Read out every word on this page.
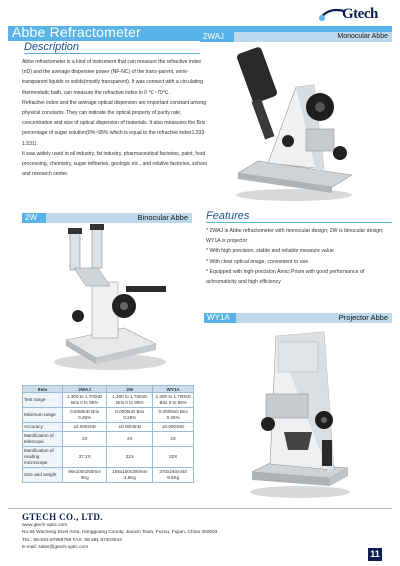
Gtech
Abbe Refractometer
Description

Abbe refractometer is a kind of instrument that can measure the refractive index (nD) and the average dispersive power (NF-NC) of the trans-parent, semi-transparent liquids or solids(mostly transparent). It was connect with a circulating thermostatic bath, can measure the refractive index in 0 ℃~70℃.

Refractive index and the average optical dispersion are important constant among physical constants. They can indicate the optical property of purity rate, concentration and size of optical dispersion of materials. It also measures the Brix percentage of sugar solution(0%~95% which is equal to the refractive index1.333-1.531).

It was widely used in oil industry, fat industry, pharmaceutical factories, paint, food processing, chemistry, sugar refineries, geologic etc., and relative factories, school and research center.

2WAJ	Monocular Abbe
2W	Binocular Abbe Features
* 2WAJ is Abbe refractometer with monocular design; 2W is binocular design; WY1A is projector
* With high precision, stable and reliable measure value
* With clear optical image, convenient to use
* Equipped with high-precision Amici Prism with good performance of achromaticity and high efficiency
WY1A	Projector Abbe
Item	2WAJ	2W	WY1A
Test range	1.300 to 1.700nD Brix 0 to 95%	1.300 to 1.700nD Brix 0 to 95%	1.300 to 1.700nD Brix 0 to 95%
Minimum range	0.0005nD Brix 0.25%	0.0005nD Brix 0.25%	0.0005nD Brix 0.25%
Accuracy	±0.0002nD	±0.0003nD	±0.0003nD
Manification of telescope	2X	2X	2X
Manification of reading microscope	37.2X	22X	22X
Size and weight	96x100x250mm 3Kg	155x150x300mm 4.8Kg	370x240x440 6.5Kg
GTECH CO., LTD.
www.gtech-optic.com
No.56 Wacheng Dixel Area, Hongguang County, Jianxin Town, Fuzou, Fujian, China 350003
TEL: 86-591-87958766 FAX: 86 591 87303043
E-mail: sales@gtech-optic.com
11
